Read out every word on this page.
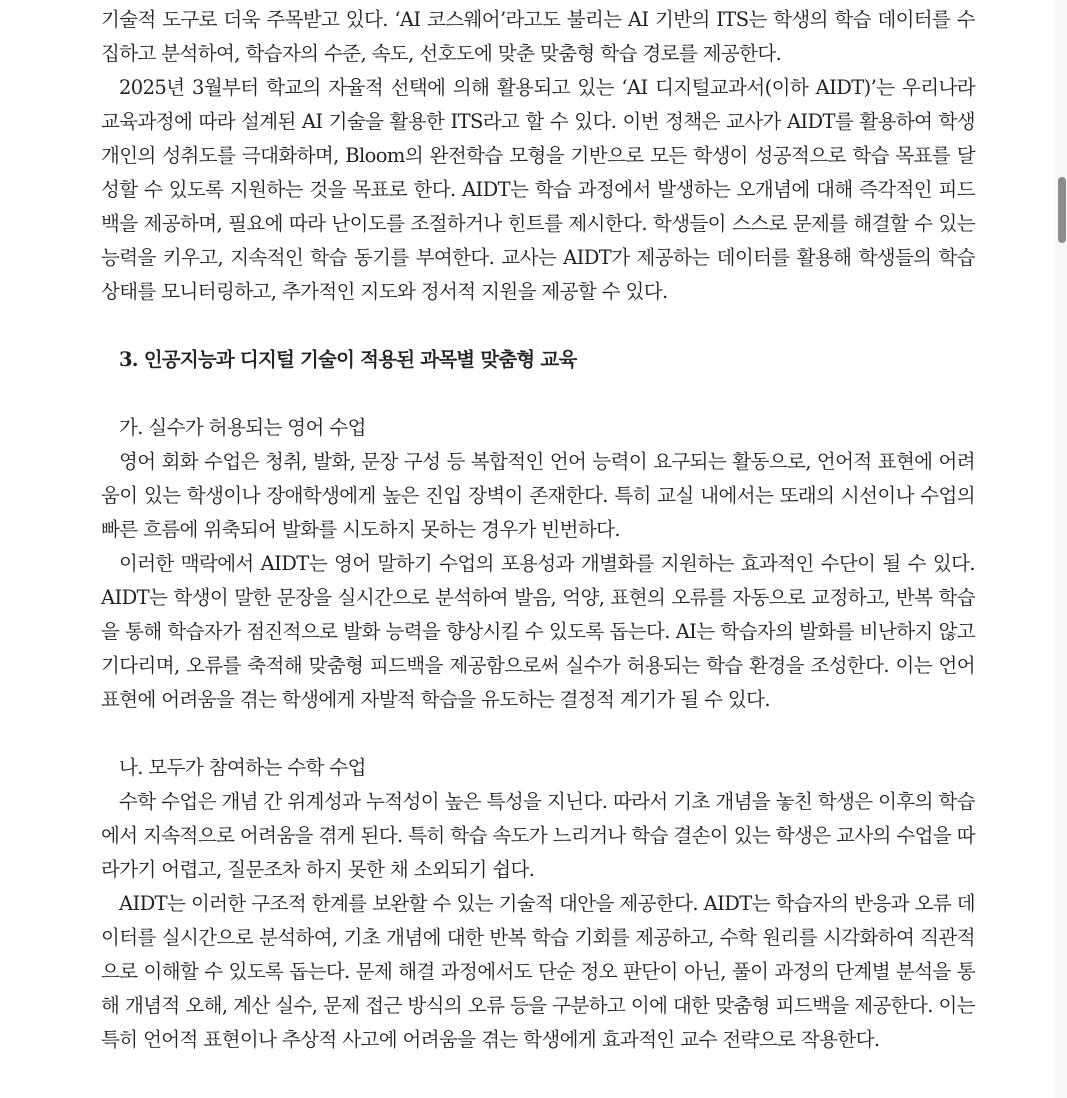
기술적 도구로 더욱 주목받고 있다. ‘AI 코스웨어’라고도 불리는 AI 기반의 ITS는 학생의 학습 데이터를 수집하고 분석하여, 학습자의 수준, 속도, 선호도에 맞춘 맞춤형 학습 경로를 제공한다.

2025년 3월부터 학교의 자율적 선택에 의해 활용되고 있는 ‘AI 디지털교과서(이하 AIDT)’는 우리나라 교육과정에 따라 설계된 AI 기술을 활용한 ITS라고 할 수 있다. 이번 정책은 교사가 AIDT를 활용하여 학생 개인의 성취도를 극대화하며, Bloom의 완전학습 모형을 기반으로 모든 학생이 성공적으로 학습 목표를 달성할 수 있도록 지원하는 것을 목표로 한다. AIDT는 학습 과정에서 발생하는 오개념에 대해 즉각적인 피드백을 제공하며, 필요에 따라 난이도를 조절하거나 힌트를 제시한다. 학생들이 스스로 문제를 해결할 수 있는 능력을 키우고, 지속적인 학습 동기를 부여한다. 교사는 AIDT가 제공하는 데이터를 활용해 학생들의 학습 상태를 모니터링하고, 추가적인 지도와 정서적 지원을 제공할 수 있다.

3. 인공지능과 디지털 기술이 적용된 과목별 맞춤형 교육

가. 실수가 허용되는 영어 수업

영어 회화 수업은 청취, 발화, 문장 구성 등 복합적인 언어 능력이 요구되는 활동으로, 언어적 표현에 어려움이 있는 학생이나 장애학생에게 높은 진입 장벽이 존재한다. 특히 교실 내에서는 또래의 시선이나 수업의 빠른 흐름에 위축되어 발화를 시도하지 못하는 경우가 빈번하다.

이러한 맥락에서 AIDT는 영어 말하기 수업의 포용성과 개별화를 지원하는 효과적인 수단이 될 수 있다. AIDT는 학생이 말한 문장을 실시간으로 분석하여 발음, 억양, 표현의 오류를 자동으로 교정하고, 반복 학습을 통해 학습자가 점진적으로 발화 능력을 향상시킬 수 있도록 돕는다. AI는 학습자의 발화를 비난하지 않고 기다리며, 오류를 축적해 맞춤형 피드백을 제공함으로써 실수가 허용되는 학습 환경을 조성한다. 이는 언어 표현에 어려움을 겪는 학생에게 자발적 학습을 유도하는 결정적 계기가 될 수 있다.

나. 모두가 참여하는 수학 수업

수학 수업은 개념 간 위계성과 누적성이 높은 특성을 지닌다. 따라서 기초 개념을 놓친 학생은 이후의 학습에서 지속적으로 어려움을 겪게 된다. 특히 학습 속도가 느리거나 학습 결손이 있는 학생은 교사의 수업을 따라가기 어렵고, 질문조차 하지 못한 채 소외되기 쉽다.

AIDT는 이러한 구조적 한계를 보완할 수 있는 기술적 대안을 제공한다. AIDT는 학습자의 반응과 오류 데이터를 실시간으로 분석하여, 기초 개념에 대한 반복 학습 기회를 제공하고, 수학 원리를 시각화하여 직관적으로 이해할 수 있도록 돕는다. 문제 해결 과정에서도 단순 정오 판단이 아닌, 풀이 과정의 단계별 분석을 통해 개념적 오해, 계산 실수, 문제 접근 방식의 오류 등을 구분하고 이에 대한 맞춤형 피드백을 제공한다. 이는 특히 언어적 표현이나 추상적 사고에 어려움을 겪는 학생에게 효과적인 교수 전략으로 작용한다.
